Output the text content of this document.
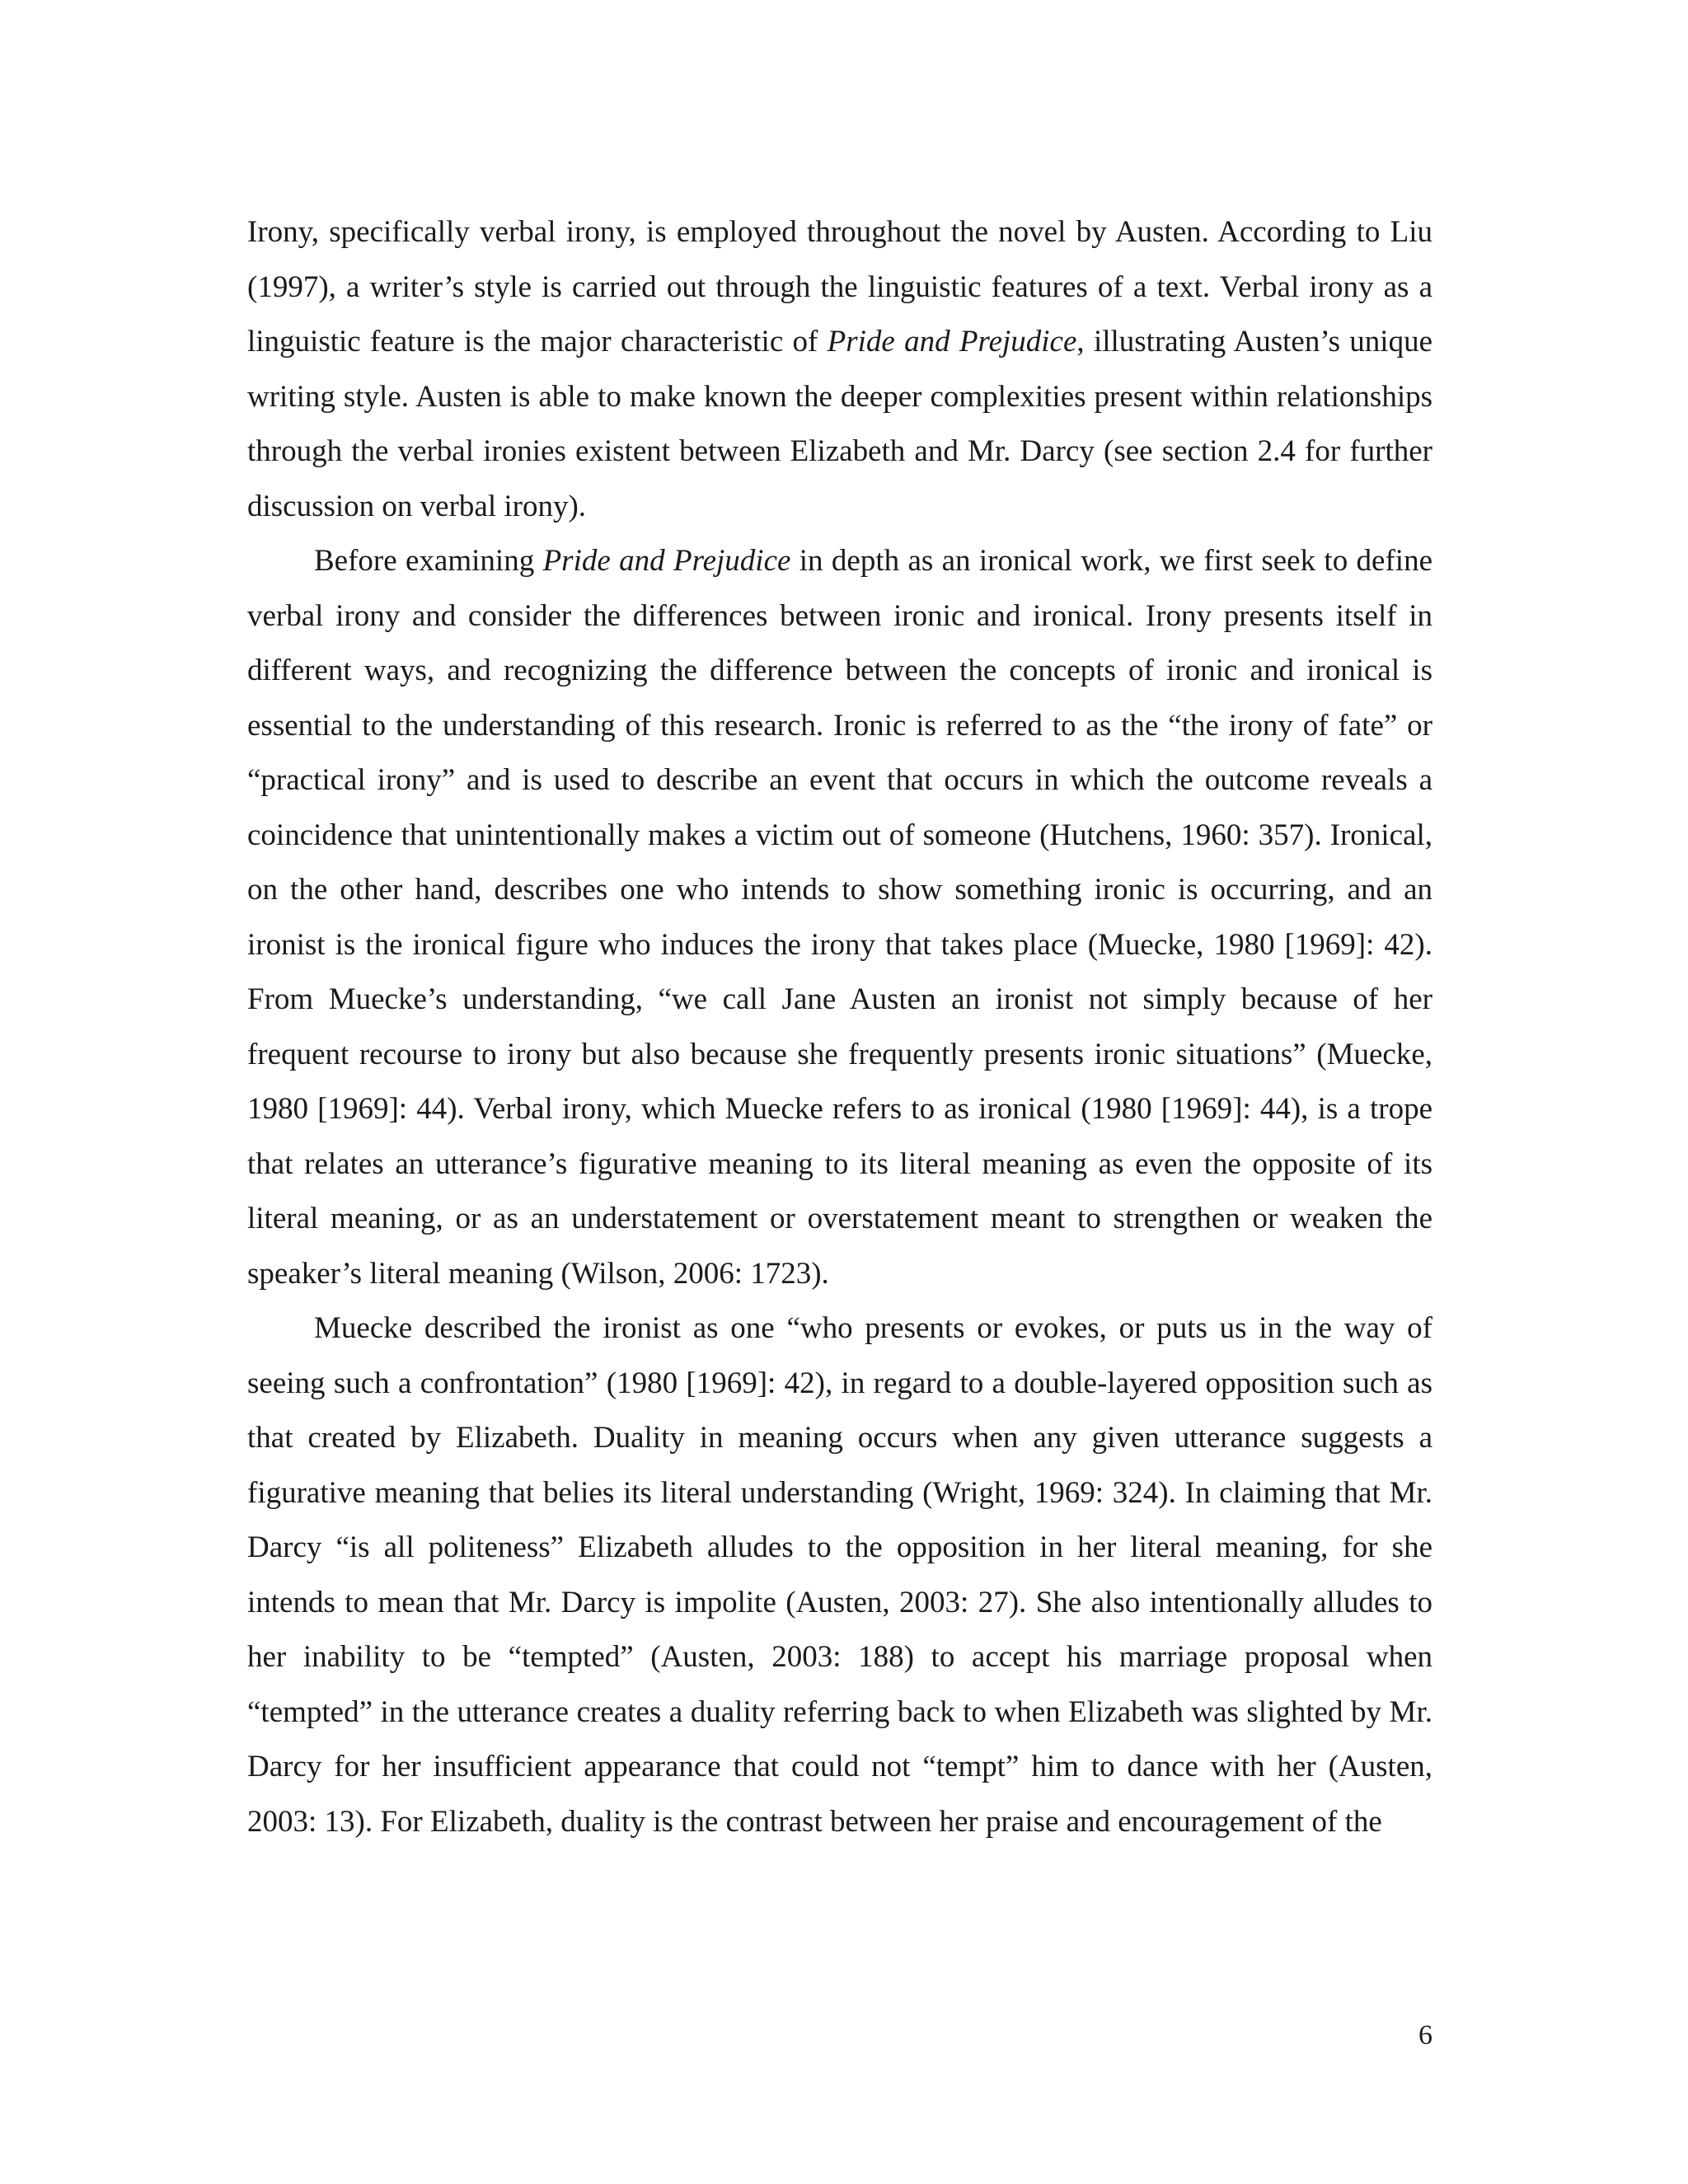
Irony, specifically verbal irony, is employed throughout the novel by Austen. According to Liu (1997), a writer’s style is carried out through the linguistic features of a text. Verbal irony as a linguistic feature is the major characteristic of Pride and Prejudice, illustrating Austen’s unique writing style. Austen is able to make known the deeper complexities present within relationships through the verbal ironies existent between Elizabeth and Mr. Darcy (see section 2.4 for further discussion on verbal irony).

Before examining Pride and Prejudice in depth as an ironical work, we first seek to define verbal irony and consider the differences between ironic and ironical. Irony presents itself in different ways, and recognizing the difference between the concepts of ironic and ironical is essential to the understanding of this research. Ironic is referred to as the “the irony of fate” or “practical irony” and is used to describe an event that occurs in which the outcome reveals a coincidence that unintentionally makes a victim out of someone (Hutchens, 1960: 357). Ironical, on the other hand, describes one who intends to show something ironic is occurring, and an ironist is the ironical figure who induces the irony that takes place (Muecke, 1980 [1969]: 42). From Muecke’s understanding, “we call Jane Austen an ironist not simply because of her frequent recourse to irony but also because she frequently presents ironic situations” (Muecke, 1980 [1969]: 44). Verbal irony, which Muecke refers to as ironical (1980 [1969]: 44), is a trope that relates an utterance’s figurative meaning to its literal meaning as even the opposite of its literal meaning, or as an understatement or overstatement meant to strengthen or weaken the speaker’s literal meaning (Wilson, 2006: 1723).

Muecke described the ironist as one “who presents or evokes, or puts us in the way of seeing such a confrontation” (1980 [1969]: 42), in regard to a double-layered opposition such as that created by Elizabeth. Duality in meaning occurs when any given utterance suggests a figurative meaning that belies its literal understanding (Wright, 1969: 324). In claiming that Mr. Darcy “is all politeness” Elizabeth alludes to the opposition in her literal meaning, for she intends to mean that Mr. Darcy is impolite (Austen, 2003: 27). She also intentionally alludes to her inability to be “tempted” (Austen, 2003: 188) to accept his marriage proposal when “tempted” in the utterance creates a duality referring back to when Elizabeth was slighted by Mr. Darcy for her insufficient appearance that could not “tempt” him to dance with her (Austen, 2003: 13). For Elizabeth, duality is the contrast between her praise and encouragement of the

6
